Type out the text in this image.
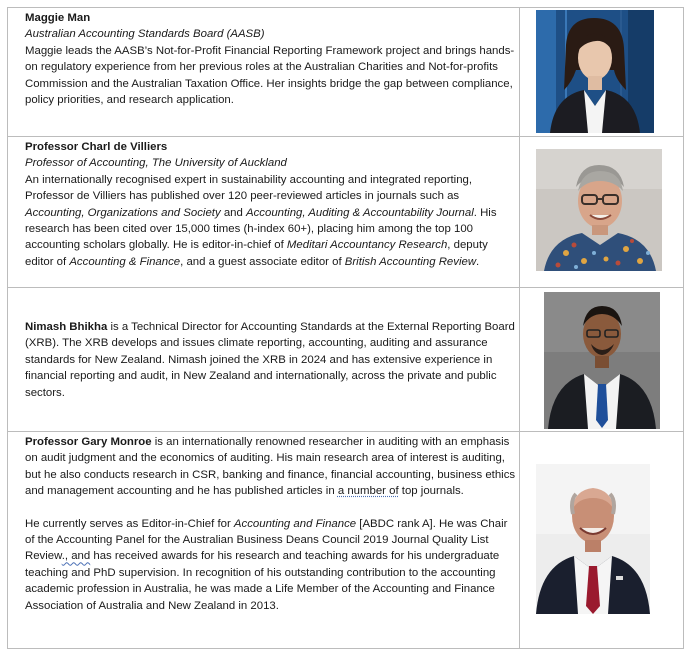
Maggie Man

Australian Accounting Standards Board (AASB)

Maggie leads the AASB’s Not-for-Profit Financial Reporting Framework project and brings hands-on regulatory experience from her previous roles at the Australian Charities and Not-for-profits Commission and the Australian Taxation Office. Her insights bridge the gap between compliance, policy priorities, and research application.

Professor Charl de Villiers

Professor of Accounting, The University of Auckland

An internationally recognised expert in sustainability accounting and integrated reporting, Professor de Villiers has published over 120 peer-reviewed articles in journals such as Accounting, Organizations and Society and Accounting, Auditing & Accountability Journal. His research has been cited over 15,000 times (h-index 60+), placing him among the top 100 accounting scholars globally. He is editor-in-chief of Meditari Accountancy Research, deputy editor of Accounting & Finance, and a guest associate editor of British Accounting Review.

Nimash Bhikha is a Technical Director for Accounting Standards at the External Reporting Board (XRB). The XRB develops and issues climate reporting, accounting, auditing and assurance standards for New Zealand. Nimash joined the XRB in 2024 and has extensive experience in financial reporting and audit, in New Zealand and internationally, across the private and public sectors.

Professor Gary Monroe is an internationally renowned researcher in auditing with an emphasis on audit judgment and the economics of auditing. His main research area of interest is auditing, but he also conducts research in CSR, banking and finance, financial accounting, business ethics and management accounting and he has published articles in a number of top journals.

He currently serves as Editor-in-Chief for Accounting and Finance [ABDC rank A]. He was Chair of the Accounting Panel for the Australian Business Deans Council 2019 Journal Quality List Review., and has received awards for his research and teaching awards for his undergraduate teaching and PhD supervision. In recognition of his outstanding contribution to the accounting academic profession in Australia, he was made a Life Member of the Accounting and Finance Association of Australia and New Zealand in 2013.
